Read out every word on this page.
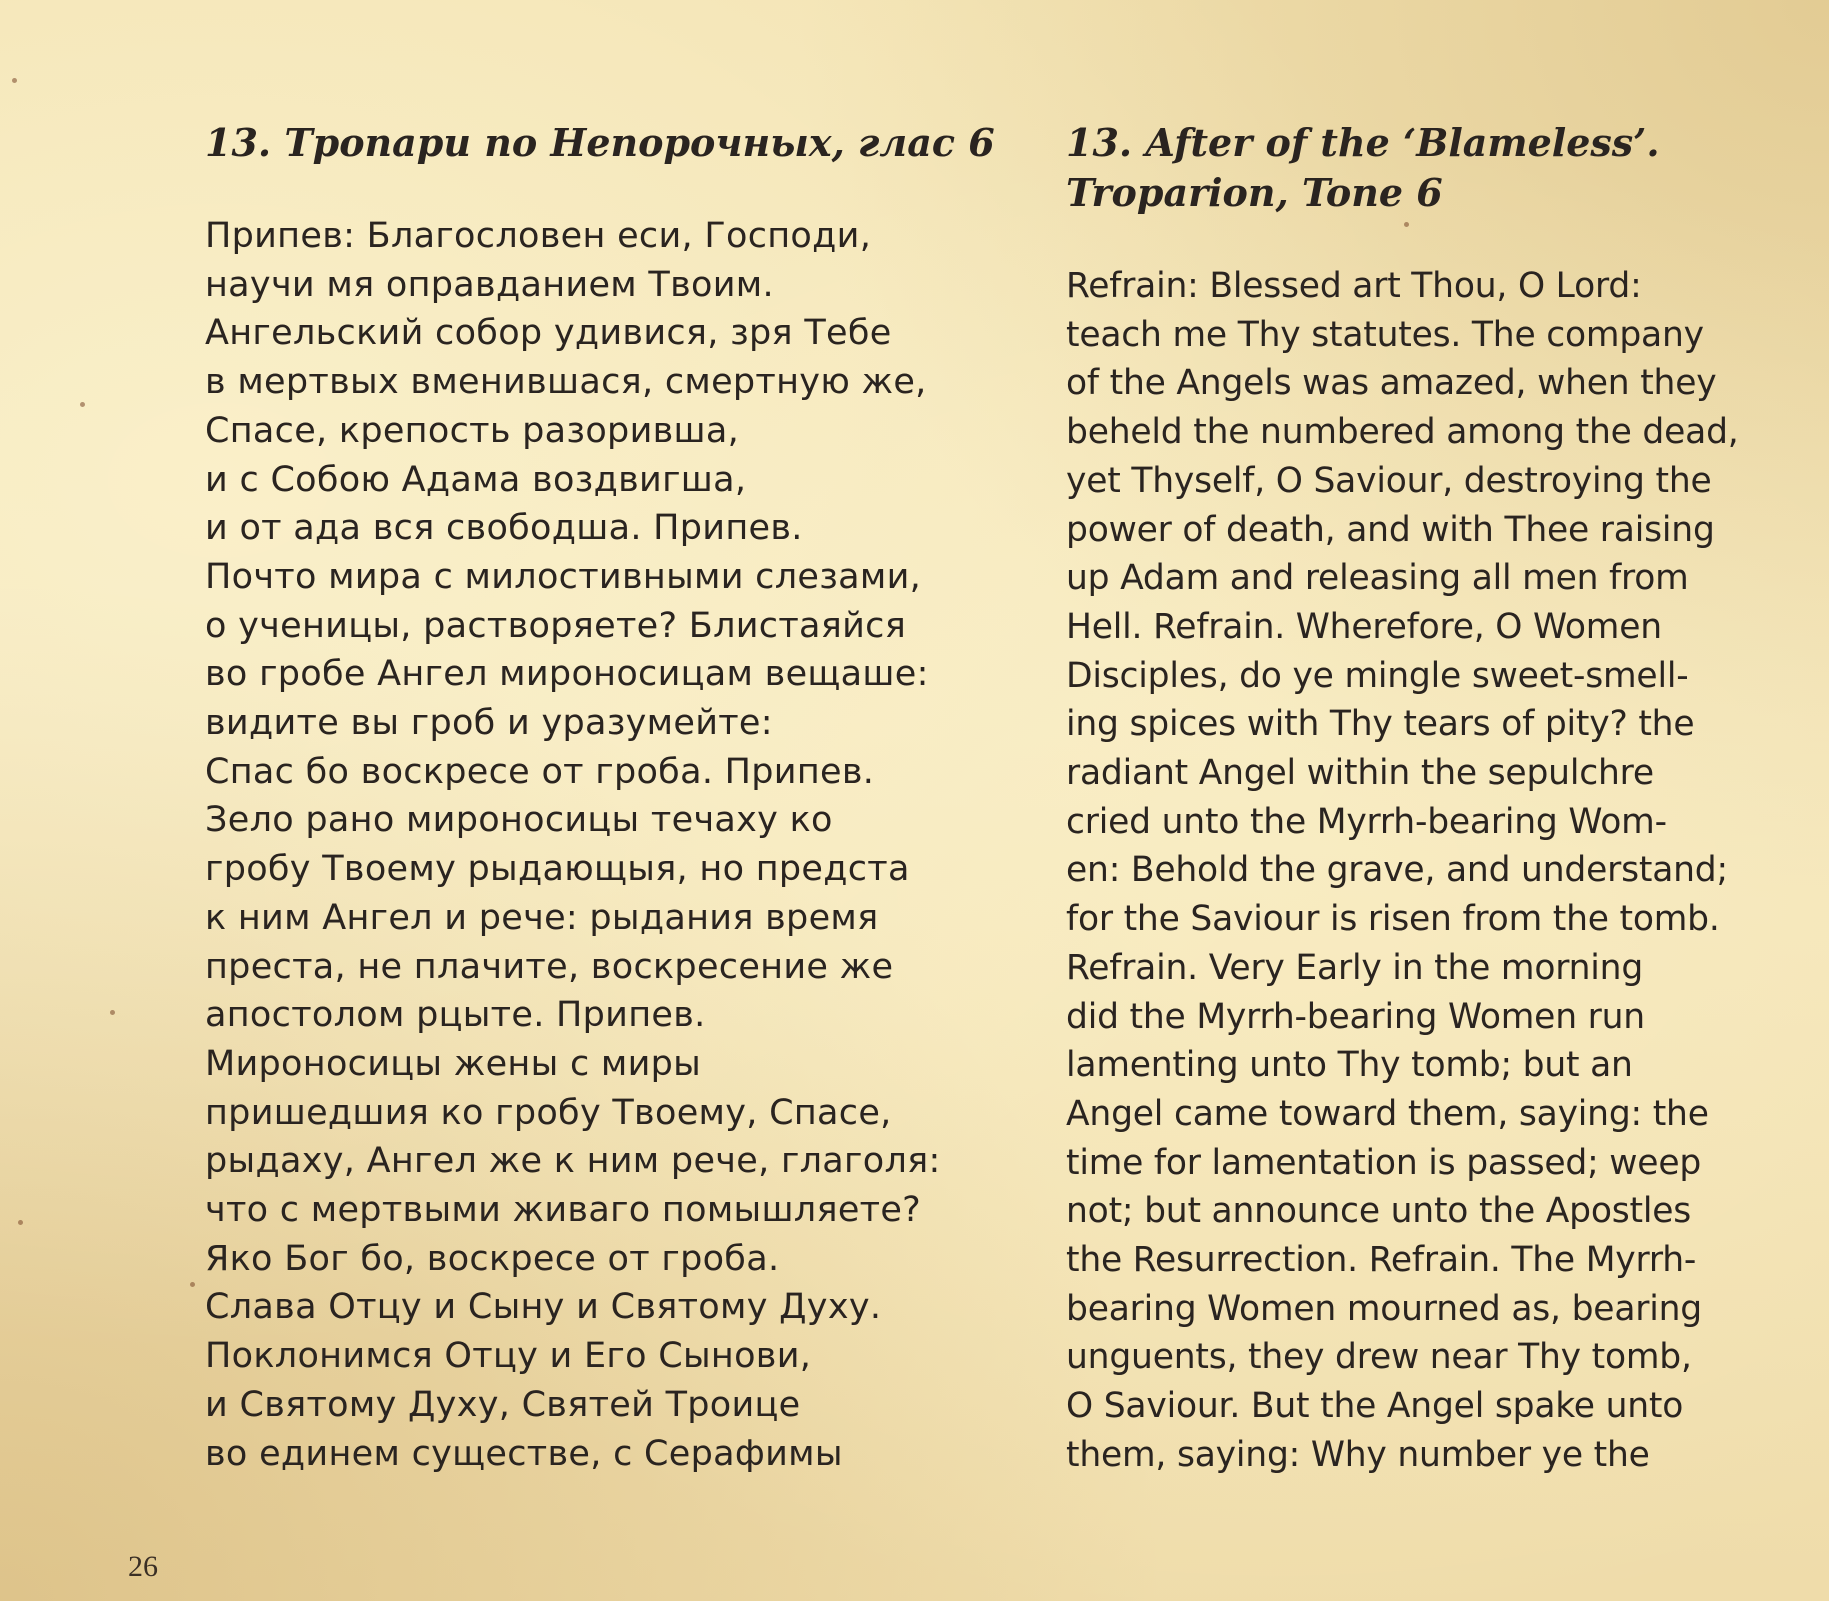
13. Тропари по Непорочных, глас 6
Припев: Благословен еси, Господи,
научи мя оправданием Твоим.
Ангельский собор удивися, зря Тебе
в мертвых вменившася, смертную же,
Спасе, крепость разоривша,
и с Собою Адама воздвигша,
и от ада вся свободша. Припев.
Почто мира с милостивными слезами,
о ученицы, растворяете? Блистаяйся
во гробе Ангел мироносицам вещаше:
видите вы гроб и уразумейте:
Спас бо воскресе от гроба. Припев.
Зело рано мироносицы течаху ко
гробу Твоему рыдающыя, но предста
к ним Ангел и рече: рыдания время
преста, не плачите, воскресение же
апостолом рцыте. Припев.
Мироносицы жены с миры
пришедшия ко гробу Твоему, Спасе,
рыдаху, Ангел же к ним рече, глаголя:
что с мертвыми живаго помышляете?
Яко Бог бо, воскресе от гроба.
Слава Отцу и Сыну и Святому Духу.
Поклонимся Отцу и Его Сынови,
и Святому Духу, Святей Троице
во единем существе, с Серафимы
13. After of the ‘Blameless’.
Troparion, Tone 6
Refrain: Blessed art Thou, O Lord:
teach me Thy statutes. The company
of the Angels was amazed, when they
beheld the numbered among the dead,
yet Thyself, O Saviour, destroying the
power of death, and with Thee raising
up Adam and releasing all men from
Hell. Refrain. Wherefore, O Women
Disciples, do ye mingle sweet-smell-
ing spices with Thy tears of pity? the
radiant Angel within the sepulchre
cried unto the Myrrh-bearing Wom-
en: Behold the grave, and understand;
for the Saviour is risen from the tomb.
Refrain. Very Early in the morning
did the Myrrh-bearing Women run
lamenting unto Thy tomb; but an
Angel came toward them, saying: the
time for lamentation is passed; weep
not; but announce unto the Apostles
the Resurrection. Refrain. The Myrrh-
bearing Women mourned as, bearing
unguents, they drew near Thy tomb,
O Saviour. But the Angel spake unto
them, saying: Why number ye the
26
